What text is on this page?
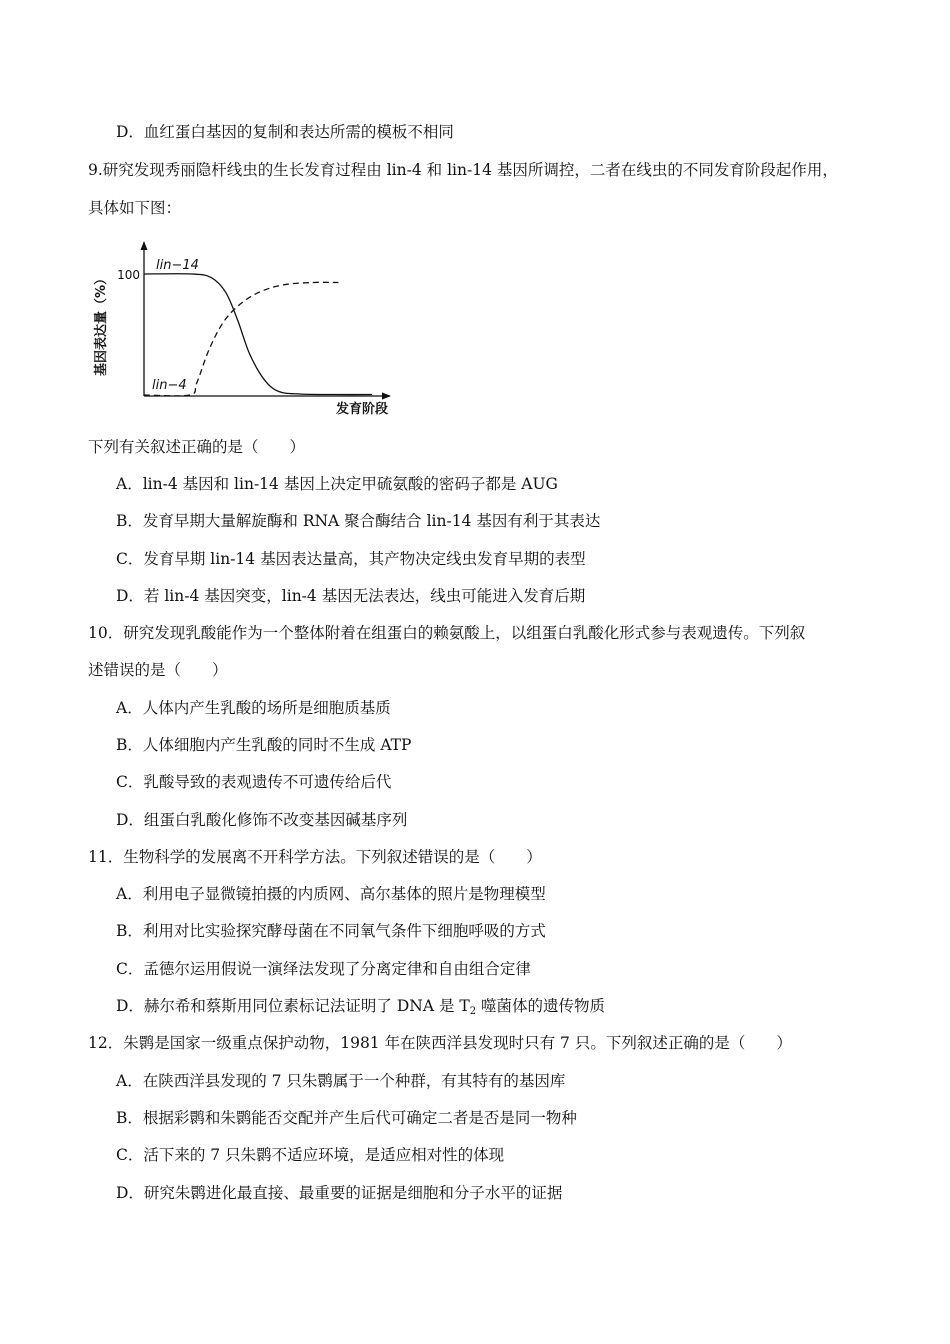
D．血红蛋白基因的复制和表达所需的模板不相同
9.研究发现秀丽隐杆线虫的生长发育过程由 lin-4 和 lin-14 基因所调控，二者在线虫的不同发育阶段起作用，
具体如下图：
100
基因表达量（%）
发育阶段
lin−14
lin−4
下列有关叙述正确的是（　　）
A．lin-4 基因和 lin-14 基因上决定甲硫氨酸的密码子都是 AUG
B．发育早期大量解旋酶和 RNA 聚合酶结合 lin-14 基因有利于其表达
C．发育早期 lin-14 基因表达量高，其产物决定线虫发育早期的表型
D．若 lin-4 基因突变，lin-4 基因无法表达，线虫可能进入发育后期
10．研究发现乳酸能作为一个整体附着在组蛋白的赖氨酸上，以组蛋白乳酸化形式参与表观遗传。下列叙
述错误的是（　　）
A．人体内产生乳酸的场所是细胞质基质
B．人体细胞内产生乳酸的同时不生成 ATP
C．乳酸导致的表观遗传不可遗传给后代
D．组蛋白乳酸化修饰不改变基因碱基序列
11．生物科学的发展离不开科学方法。下列叙述错误的是（　　）
A．利用电子显微镜拍摄的内质网、高尔基体的照片是物理模型
B．利用对比实验探究酵母菌在不同氧气条件下细胞呼吸的方式
C．孟德尔运用假说一演绎法发现了分离定律和自由组合定律
D．赫尔希和蔡斯用同位素标记法证明了 DNA 是 $T_2$ 噬菌体的遗传物质
12．朱鹮是国家一级重点保护动物，1981 年在陕西洋县发现时只有 7 只。下列叙述正确的是（　　）
A．在陕西洋县发现的 7 只朱鹮属于一个种群，有其特有的基因库
B．根据彩鹮和朱鹮能否交配并产生后代可确定二者是否是同一物种
C．活下来的 7 只朱鹮不适应环境，是适应相对性的体现
D．研究朱鹮进化最直接、最重要的证据是细胞和分子水平的证据
